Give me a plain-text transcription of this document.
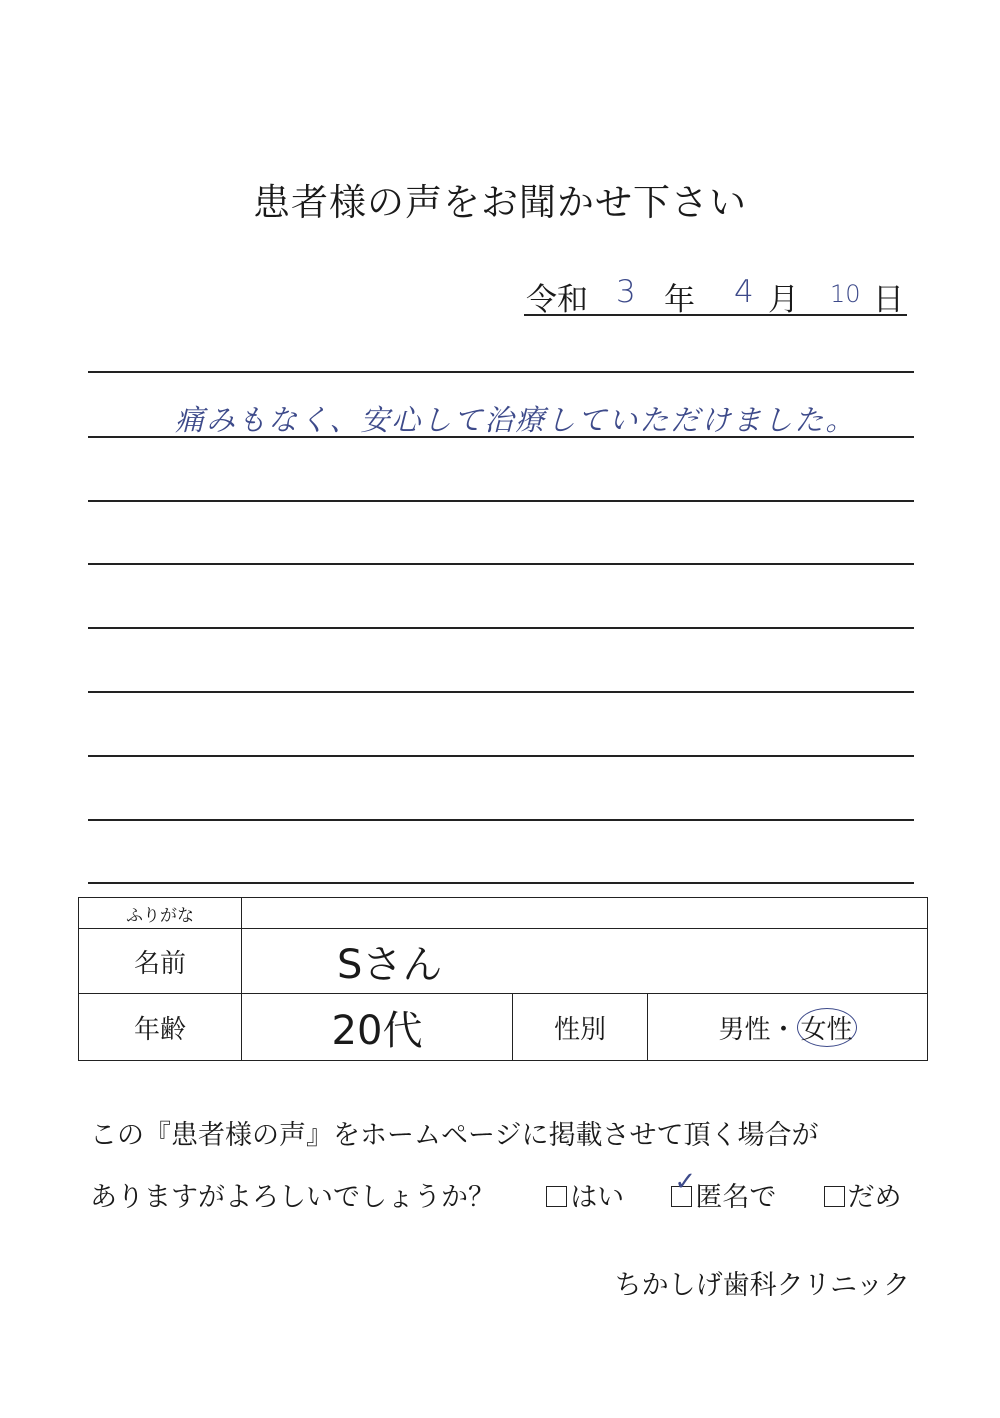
患者様の声をお聞かせ下さい
令和 3 年 4 月 10 日
痛みもなく、安心して治療していただけました。
ふりがな			
名前	Sさん		
年齢	20代	性別	男性・ 女性
この『患者様の声』をホームページに掲載させて頂く場合が
ありますがよろしいでしょうか？	はい ✓ 匿名で	だめ
ちかしげ歯科クリニック
